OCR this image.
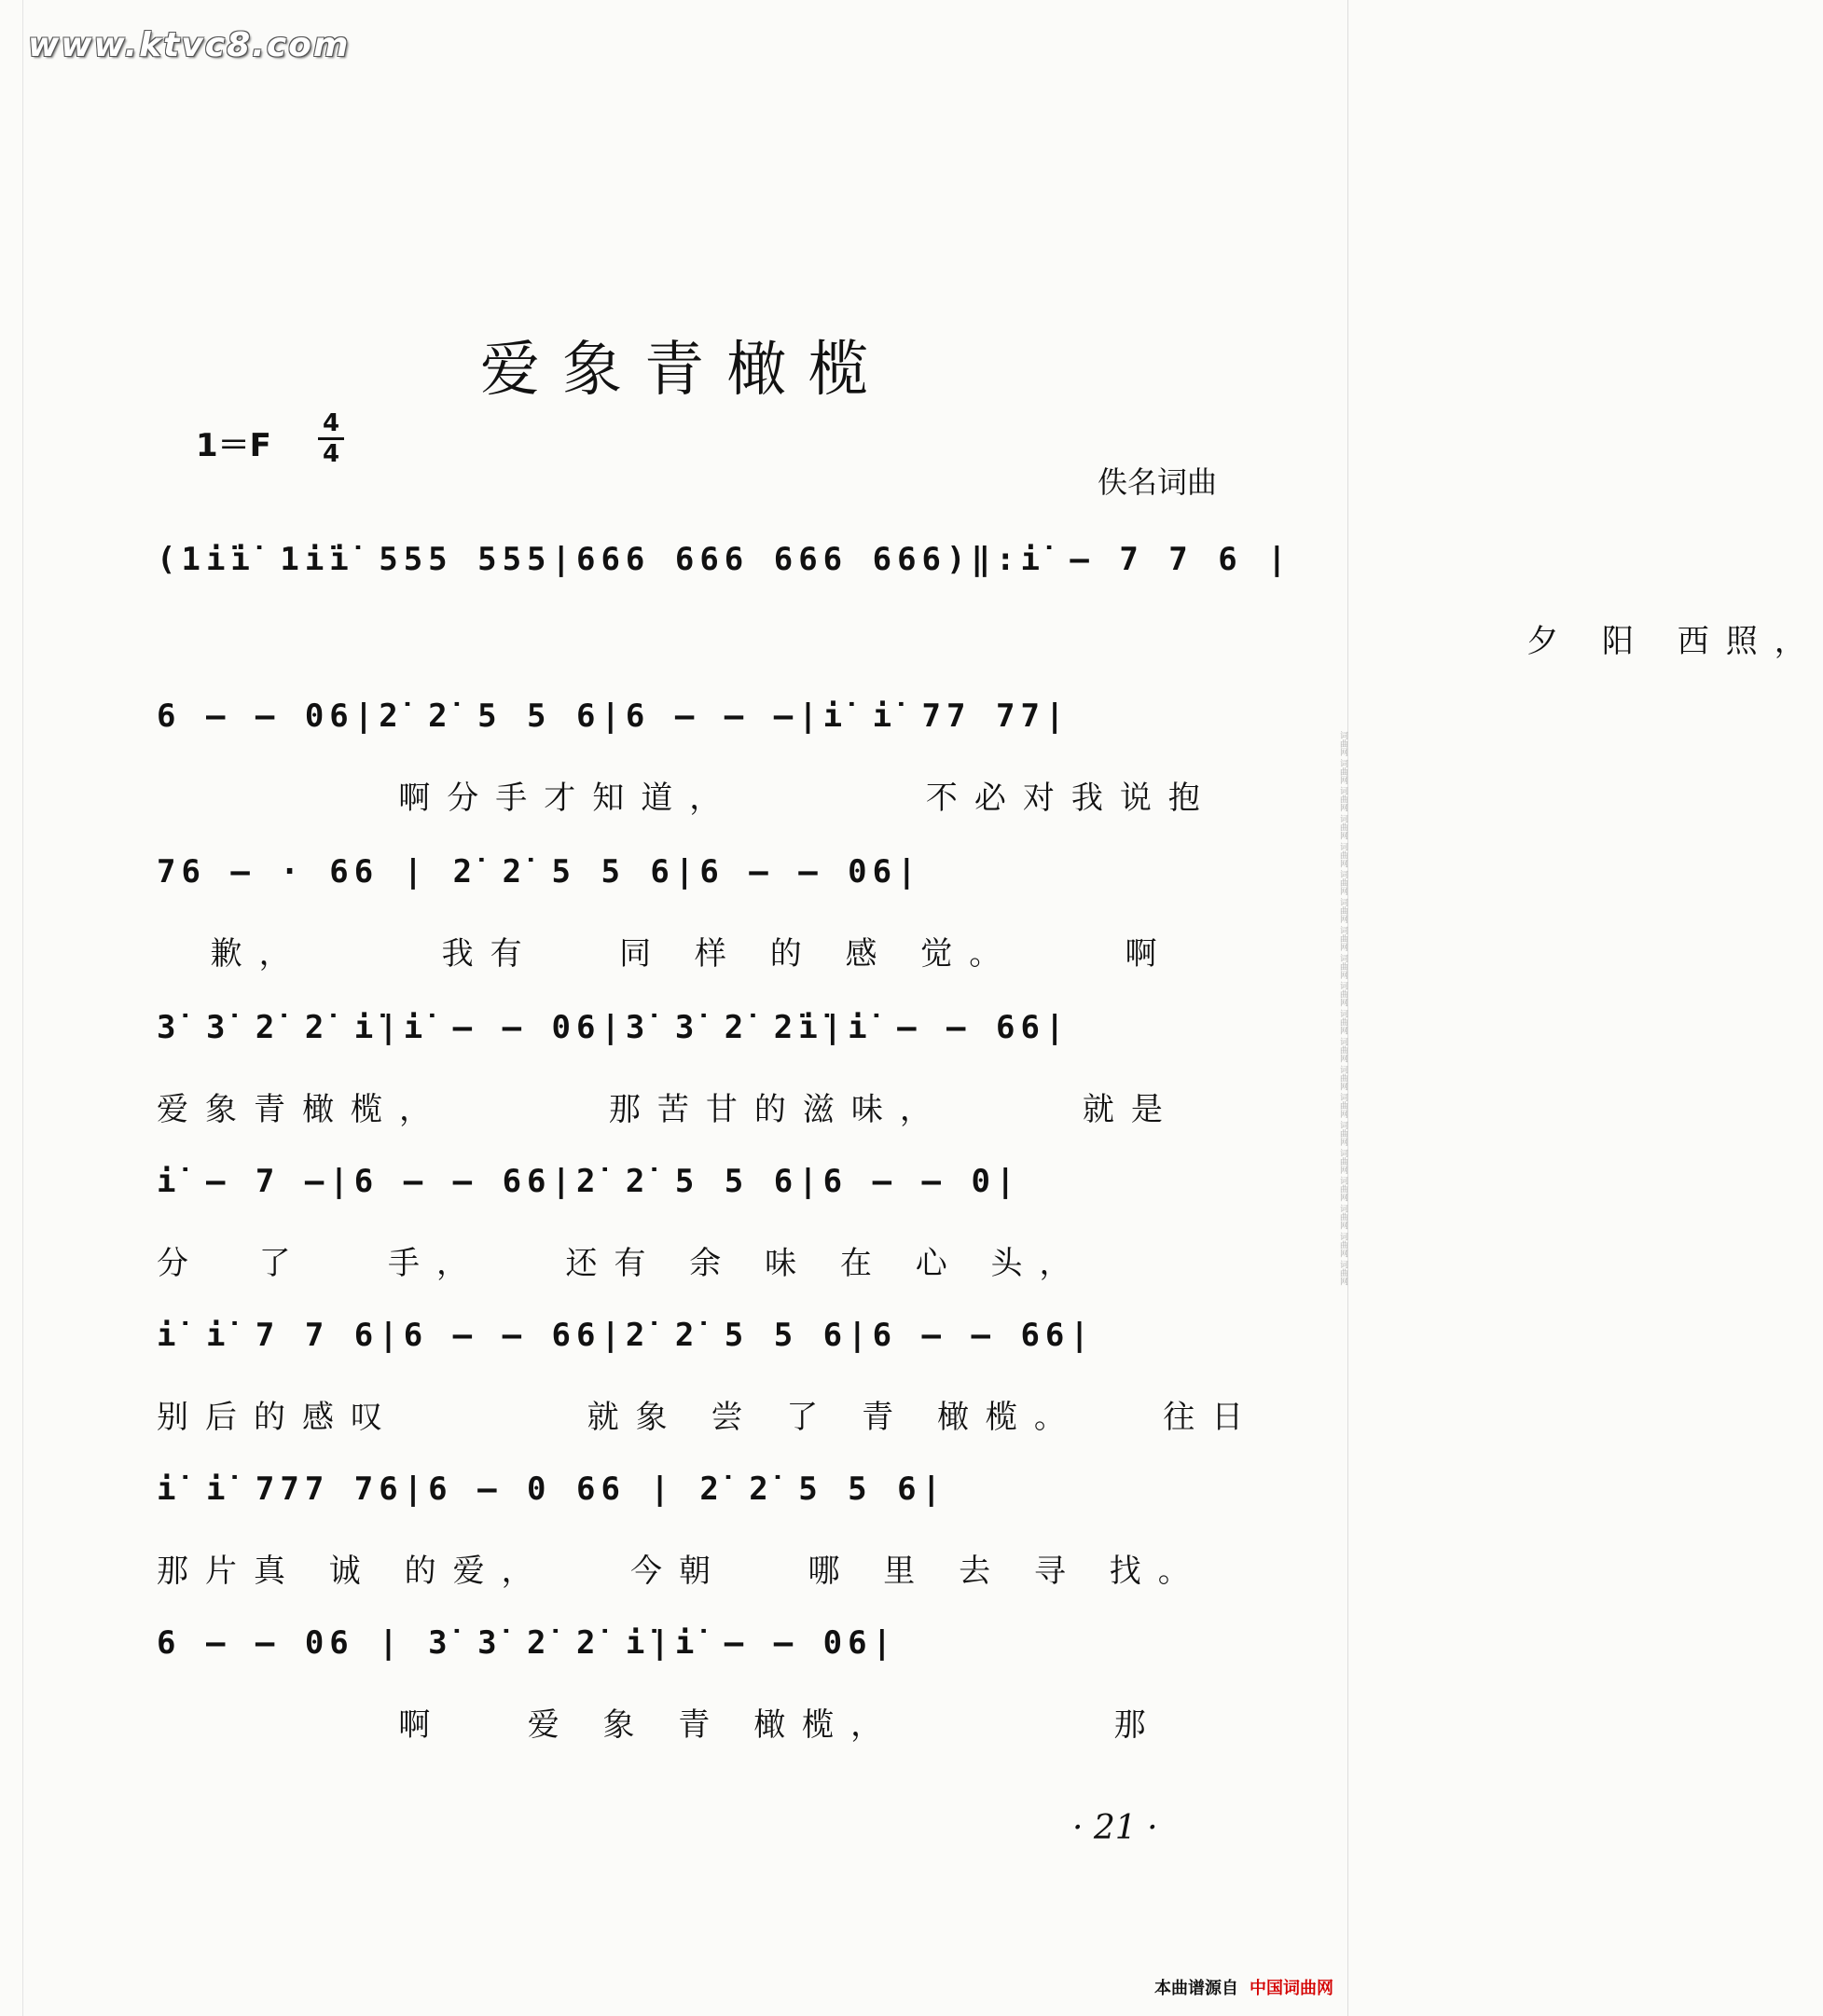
www.ktvc8.com
词曲网 词曲网 词曲网 词曲网 词曲网 词曲网 词曲网 词曲网 词曲网 词曲网 词曲网 词曲网 词曲网 词曲网 词曲网 词曲网 词曲网 词曲网 词曲网 词曲网
爱象青橄榄
1＝F
4
4
佚名词曲
(1i̇i̇ 1i̇i̇ 555 555|666 666 666 666)‖:i̇ — 7 7 6 |
夕 阳 西照，
6 — — 06|2̇ 2̇ 5 5 6|6 — — —|i̇ i̇ 77 77|
啊分手才知道，       不必对我说抱
76 — · 66 | 2̇ 2̇ 5 5 6|6 — — 06|
歉，     我有   同 样 的 感 觉。    啊
3̇ 3̇ 2̇ 2̇ i̇|i̇ — — 06|3̇ 3̇ 2̇ 2̇i̇|i̇ — — 66|
爱象青橄榄，      那苦甘的滋味，     就是
i̇ — 7 —|6 — — 66|2̇ 2̇ 5 5 6|6 — — 0|
分  了   手，   还有 余 味 在 心 头，
i̇ i̇ 7 7 6|6 — — 66|2̇ 2̇ 5 5 6|6 — — 66|
别后的感叹       就象 尝 了 青 橄榄。   往日
i̇ i̇ 777 76|6 — 0 66 | 2̇ 2̇ 5 5 6|
那片真 诚 的爱，   今朝   哪 里 去 寻 找。
6 — — 06 | 3̇ 3̇ 2̇ 2̇ i̇|i̇ — — 06|
啊   爱 象 青 橄榄，        那
· 21 ·
本曲谱源自 中国词曲网
